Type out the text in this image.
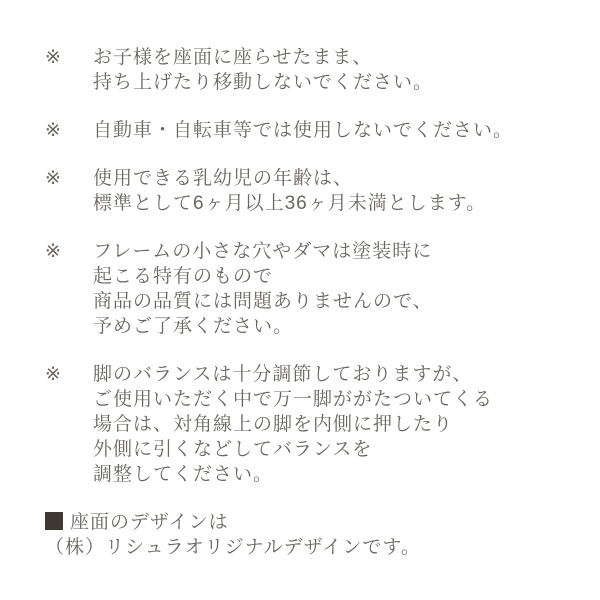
※	お子様を座面に座らせたまま、
持ち上げたり移動しないでください。
※	自動車・自転車等では使用しないでください。
※	使用できる乳幼児の年齢は、
標準として6ヶ月以上36ヶ月未満とします。
※	フレームの小さな穴やダマは塗装時に
起こる特有のもので
商品の品質には問題ありませんので、
予めご了承ください。
※	脚のバランスは十分調節しておりますが、
ご使用いただく中で万一脚ががたついてくる
場合は、対角線上の脚を内側に押したり
外側に引くなどしてバランスを
調整してください。
座面のデザインは
（株）リシュラオリジナルデザインです。
